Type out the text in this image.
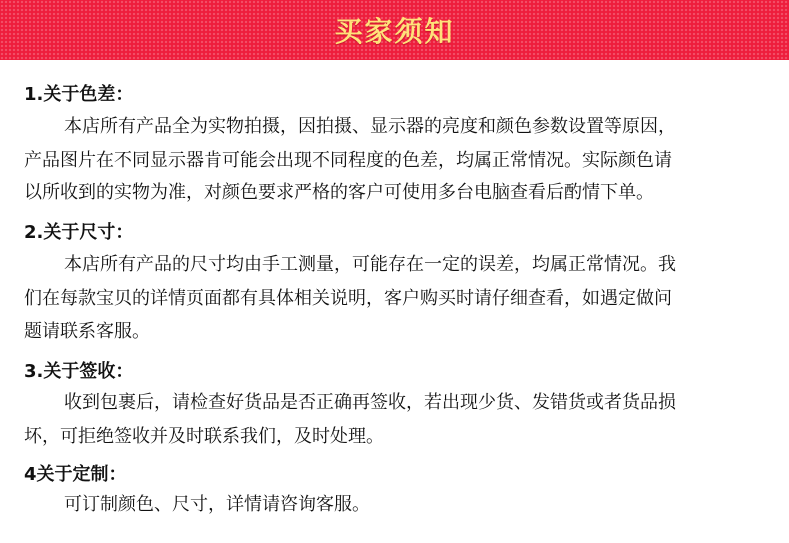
买家须知
1.关于色差：
本店所有产品全为实物拍摄，因拍摄、显示器的亮度和颜色参数设置等原因，
产品图片在不同显示器肯可能会出现不同程度的色差，均属正常情况。实际颜色请
以所收到的实物为准，对颜色要求严格的客户可使用多台电脑查看后酌情下单。
2.关于尺寸：
本店所有产品的尺寸均由手工测量，可能存在一定的误差，均属正常情况。我
们在每款宝贝的详情页面都有具体相关说明，客户购买时请仔细查看，如遇定做问
题请联系客服。
3.关于签收：
收到包裹后，请检查好货品是否正确再签收，若出现少货、发错货或者货品损
坏，可拒绝签收并及时联系我们，及时处理。
4关于定制：
可订制颜色、尺寸，详情请咨询客服。
